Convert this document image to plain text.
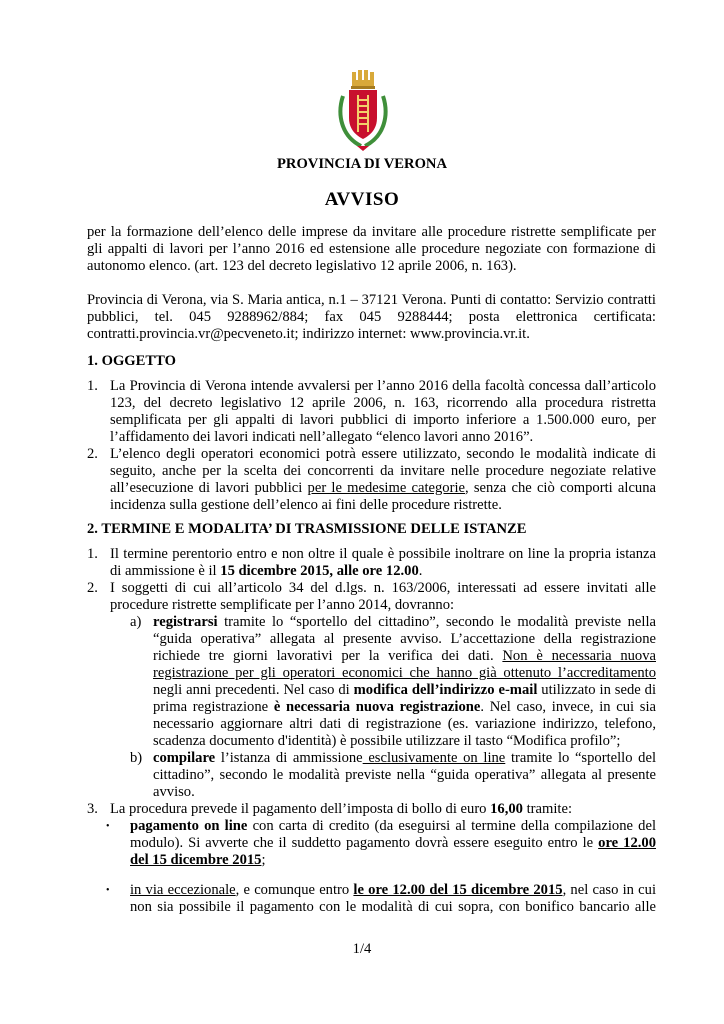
PROVINCIA DI VERONA
AVVISO
per la formazione dell’elenco delle imprese da invitare alle procedure ristrette semplificate per
gli appalti di lavori per l’anno 2016 ed estensione alle procedure negoziate con formazione di
autonomo elenco. (art. 123 del decreto legislativo 12 aprile 2006, n. 163).
Provincia di Verona, via S. Maria antica, n.1 – 37121 Verona. Punti di contatto: Servizio contratti
pubblici, tel. 045 9288962/884; fax 045 9288444; posta elettronica certificata:
contratti.provincia.vr@pecveneto.it; indirizzo internet: www.provincia.vr.it.
1. OGGETTO
1. La Provincia di Verona intende avvalersi per l’anno 2016 della facoltà concessa dall’articolo
123, del decreto legislativo 12 aprile 2006, n. 163, ricorrendo alla procedura ristretta
semplificata per gli appalti di lavori pubblici di importo inferiore a 1.500.000 euro, per
l’affidamento dei lavori indicati nell’allegato “elenco lavori anno 2016”.
2. L’elenco degli operatori economici potrà essere utilizzato, secondo le modalità indicate di
seguito, anche per la scelta dei concorrenti da invitare nelle procedure negoziate relative
all’esecuzione di lavori pubblici per le medesime categorie, senza che ciò comporti alcuna
incidenza sulla gestione dell’elenco ai fini delle procedure ristrette.
2. TERMINE E MODALITA’ DI TRASMISSIONE DELLE ISTANZE
1. Il termine perentorio entro e non oltre il quale è possibile inoltrare on line la propria istanza
di ammissione è il 15 dicembre 2015, alle ore 12.00.
2. I soggetti di cui all’articolo 34 del d.lgs. n. 163/2006, interessati ad essere invitati alle
procedure ristrette semplificate per l’anno 2014, dovranno:
a) registrarsi tramite lo “sportello del cittadino”, secondo le modalità previste nella
“guida operativa” allegata al presente avviso. L’accettazione della registrazione
richiede tre giorni lavorativi per la verifica dei dati. Non è necessaria nuova
registrazione per gli operatori economici che hanno già ottenuto l’accreditamento
negli anni precedenti. Nel caso di modifica dell’indirizzo e-mail utilizzato in sede di
prima registrazione è necessaria nuova registrazione. Nel caso, invece, in cui sia
necessario aggiornare altri dati di registrazione (es. variazione indirizzo, telefono,
scadenza documento d'identità) è possibile utilizzare il tasto “Modifica profilo”;
b) compilare l’istanza di ammissione esclusivamente on line tramite lo “sportello del
cittadino”, secondo le modalità previste nella “guida operativa” allegata al presente
avviso.
3. La procedura prevede il pagamento dell’imposta di bollo di euro 16,00 tramite:
• pagamento on line con carta di credito (da eseguirsi al termine della compilazione del
modulo). Si avverte che il suddetto pagamento dovrà essere eseguito entro le ore 12.00
del 15 dicembre 2015;
• in via eccezionale, e comunque entro le ore 12.00 del 15 dicembre 2015, nel caso in cui
non sia possibile il pagamento con le modalità di cui sopra, con bonifico bancario alle
1/4
